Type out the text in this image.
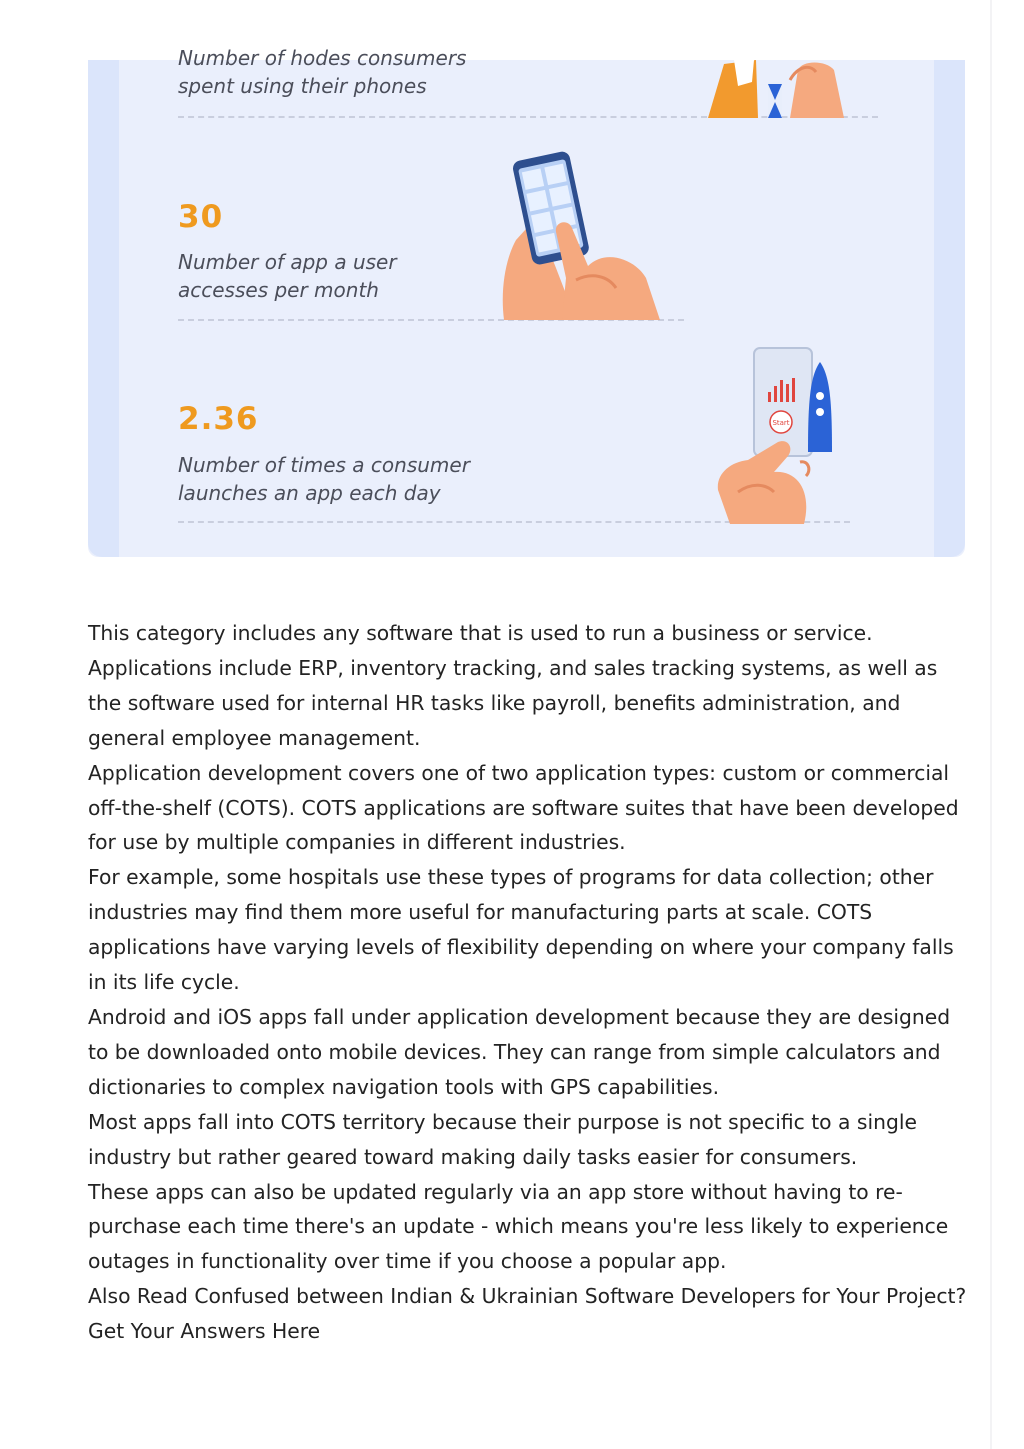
Number of hodes consumers
spent using their phones
30
Number of app a user
accesses per month
2.36
Number of times a consumer
launches an app each day
Start

This category includes any software that is used to run a business or service. Applications include ERP, inventory tracking, and sales tracking systems, as well as the software used for internal HR tasks like payroll, benefits administration, and general employee management.

Application development covers one of two application types: custom or commercial off-the-shelf (COTS). COTS applications are software suites that have been developed for use by multiple companies in different industries.

For example, some hospitals use these types of programs for data collection; other industries may find them more useful for manufacturing parts at scale. COTS applications have varying levels of flexibility depending on where your company falls in its life cycle.

Android and iOS apps fall under application development because they are designed to be downloaded onto mobile devices. They can range from simple calculators and dictionaries to complex navigation tools with GPS capabilities.

Most apps fall into COTS territory because their purpose is not specific to a single industry but rather geared toward making daily tasks easier for consumers.

These apps can also be updated regularly via an app store without having to re-purchase each time there's an update - which means you're less likely to experience outages in functionality over time if you choose a popular app.

Also Read Confused between Indian & Ukrainian Software Developers for Your Project? Get Your Answers Here
